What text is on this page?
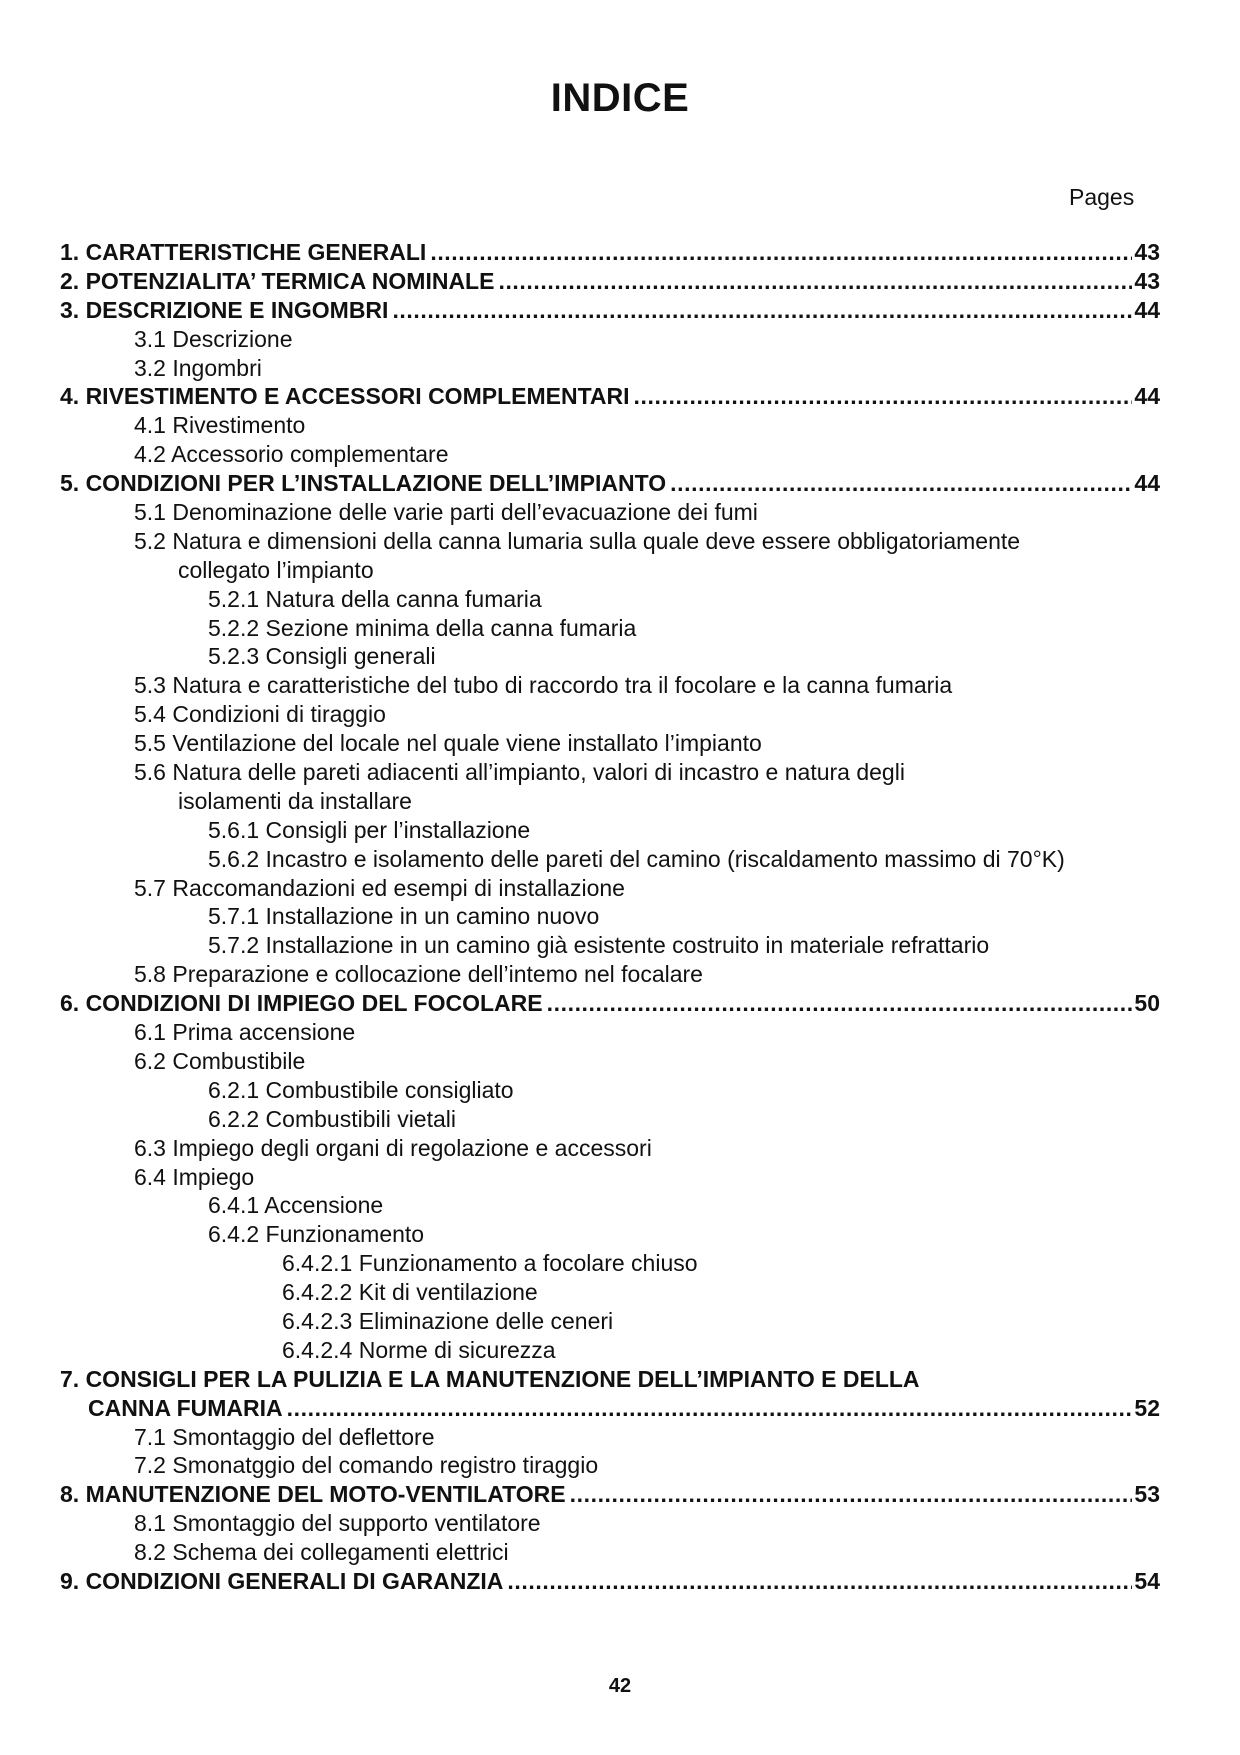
INDICE
Pages
1. CARATTERISTICHE GENERALI .....	43
2. POTENZIALITA’ TERMICA NOMINALE .....	43
3. DESCRIZIONE E INGOMBRI .....	44
3.1 Descrizione
3.2 Ingombri
4. RIVESTIMENTO E ACCESSORI COMPLEMENTARI .....	44
4.1 Rivestimento
4.2 Accessorio complementare
5. CONDIZIONI PER L’INSTALLAZIONE DELL’IMPIANTO .....	44
5.1 Denominazione delle varie parti dell’evacuazione dei fumi
5.2 Natura e dimensioni della canna lumaria sulla quale deve essere obbligatoriamente
collegato l’impianto
5.2.1 Natura della canna fumaria
5.2.2 Sezione minima della canna fumaria
5.2.3 Consigli generali
5.3 Natura e caratteristiche del tubo di raccordo tra il focolare e la canna fumaria
5.4 Condizioni di tiraggio
5.5 Ventilazione del locale nel quale viene installato l’impianto
5.6 Natura delle pareti adiacenti all’impianto, valori di incastro e natura degli
isolamenti da installare
5.6.1 Consigli per l’installazione
5.6.2 Incastro e isolamento delle pareti del camino (riscaldamento massimo di 70°K)
5.7 Raccomandazioni ed esempi di installazione
5.7.1 Installazione in un camino nuovo
5.7.2 Installazione in un camino già esistente costruito in materiale refrattario
5.8 Preparazione e collocazione dell’intemo nel focalare
6. CONDIZIONI DI IMPIEGO DEL FOCOLARE .....	50
6.1 Prima accensione
6.2 Combustibile
6.2.1 Combustibile consigliato
6.2.2 Combustibili vietali
6.3 Impiego degli organi di regolazione e accessori
6.4 Impiego
6.4.1 Accensione
6.4.2 Funzionamento
6.4.2.1 Funzionamento a focolare chiuso
6.4.2.2 Kit di ventilazione
6.4.2.3 Eliminazione delle ceneri
6.4.2.4 Norme di sicurezza
7. CONSIGLI PER LA PULIZIA E LA MANUTENZIONE DELL’IMPIANTO E DELLA
CANNA FUMARIA .....	52
7.1 Smontaggio del deflettore
7.2 Smonatggio del comando registro tiraggio
8. MANUTENZIONE DEL MOTO-VENTILATORE .....	53
8.1 Smontaggio del supporto ventilatore
8.2 Schema dei collegamenti elettrici
9. CONDIZIONI GENERALI DI GARANZIA .....	54
42
